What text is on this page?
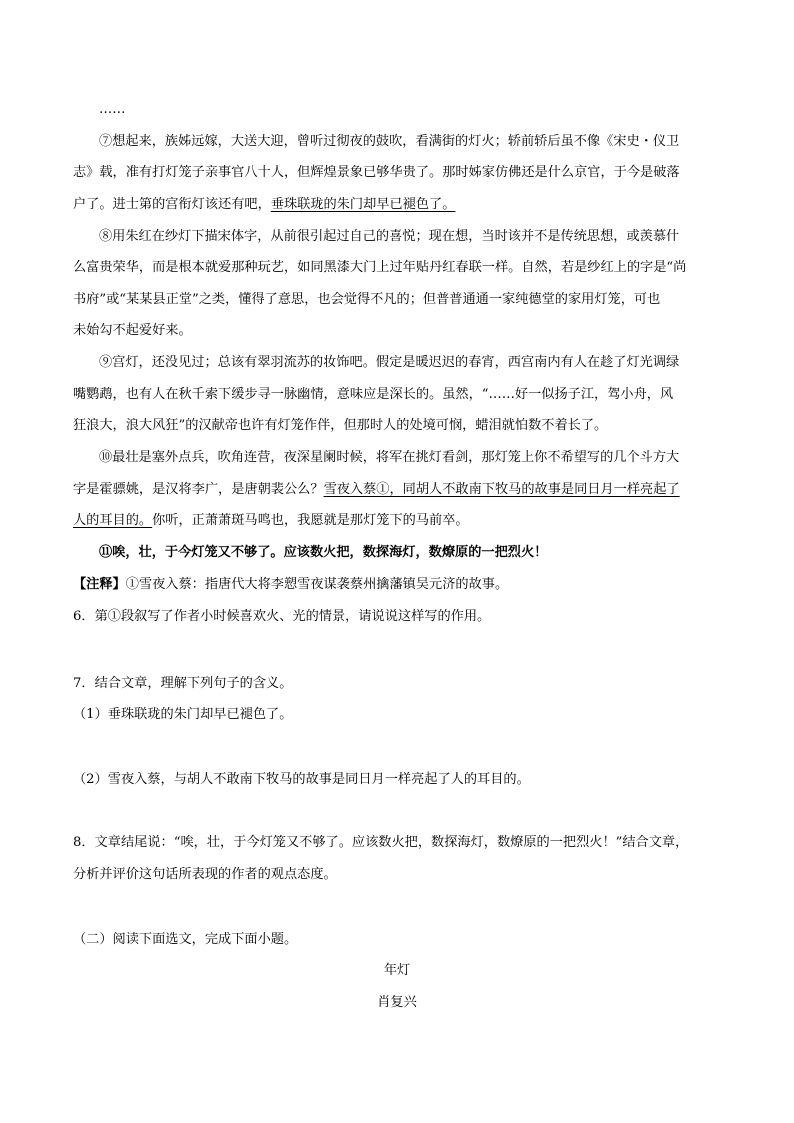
……
⑦想起来，族姊远嫁，大送大迎，曾听过彻夜的鼓吹，看满街的灯火；轿前轿后虽不像《宋史・仪卫
志》载，准有打灯笼子亲事官八十人，但辉煌景象已够华贵了。那时姊家仿佛还是什么京官，于今是破落
户了。进士第的宫衔灯该还有吧，垂珠联珑的朱门却早已褪色了。
⑧用朱红在纱灯下描宋体字，从前很引起过自己的喜悦；现在想，当时该并不是传统思想，或羡慕什
么富贵荣华，而是根本就爱那种玩艺，如同黑漆大门上过年贴丹红春联一样。自然，若是纱红上的字是“尚
书府”或“某某县正堂”之类，懂得了意思，也会觉得不凡的；但普普通通一家纯德堂的家用灯笼，可也
未始勾不起爱好来。
⑨宫灯，还没见过；总该有翠羽流苏的妆饰吧。假定是暖迟迟的春宵，西宫南内有人在趁了灯光调绿
嘴鹦鹉，也有人在秋千索下缓步寻一脉幽情，意味应是深长的。虽然，“……好一似扬子江，驾小舟，风
狂浪大，浪大风狂”的汉献帝也许有灯笼作伴，但那时人的处境可悯，蜡泪就怕数不着长了。
⑩最壮是塞外点兵，吹角连营，夜深星阑时候，将军在挑灯看剑，那灯笼上你不希望写的几个斗方大
字是霍骠姚，是汉将李广，是唐朝裴公么？雪夜入蔡①，同胡人不敢南下牧马的故事是同日月一样亮起了
人的耳目的。你听，正萧萧斑马鸣也，我愿就是那灯笼下的马前卒。
⑪唉，壮，于今灯笼又不够了。应该数火把，数探海灯，数燎原的一把烈火！
【注释】①雪夜入蔡：指唐代大将李愬雪夜谋袭蔡州擒藩镇吴元济的故事。
6．第①段叙写了作者小时候喜欢火、光的情景，请说说这样写的作用。
7．结合文章，理解下列句子的含义。
（1）垂珠联珑的朱门却早已褪色了。
（2）雪夜入蔡，与胡人不敢南下牧马的故事是同日月一样亮起了人的耳目的。
8．文章结尾说：“唉，壮，于今灯笼又不够了。应该数火把，数探海灯，数燎原的一把烈火！”结合文章，
分析并评价这句话所表现的作者的观点态度。
（二）阅读下面选文，完成下面小题。
年灯
肖复兴
